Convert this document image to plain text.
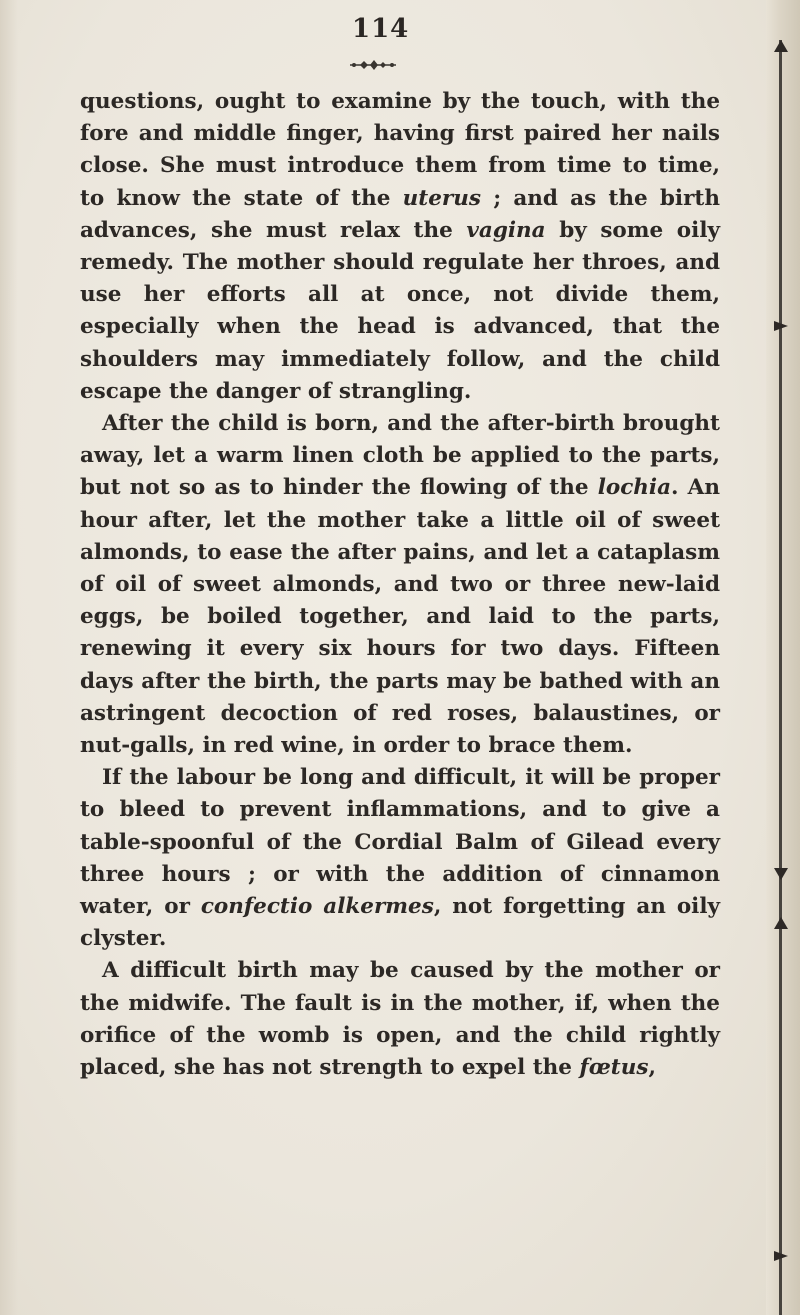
114

questions, ought to examine by the touch, with the fore and middle finger, having first paired her nails close. She must introduce them from time to time, to know the state of the uterus ; and as the birth advances, she must relax the vagina by some oily remedy. The mother should regulate her throes, and use her efforts all at once, not divide them, especially when the head is advanced, that the shoulders may immediately follow, and the child escape the danger of strangling.

After the child is born, and the after-birth brought away, let a warm linen cloth be applied to the parts, but not so as to hinder the flowing of the lochia. An hour after, let the mother take a little oil of sweet almonds, to ease the after pains, and let a cataplasm of oil of sweet almonds, and two or three new-laid eggs, be boiled together, and laid to the parts, renewing it every six hours for two days. Fifteen days after the birth, the parts may be bathed with an astringent decoction of red roses, balaustines, or nut-galls, in red wine, in order to brace them.

If the labour be long and difficult, it will be proper to bleed to prevent inflammations, and to give a table-spoonful of the Cordial Balm of Gilead every three hours ; or with the addition of cinnamon water, or confectio alkermes, not forgetting an oily clyster.

A difficult birth may be caused by the mother or the midwife. The fault is in the mother, if, when the orifice of the womb is open, and the child rightly placed, she has not strength to expel the fœtus,
